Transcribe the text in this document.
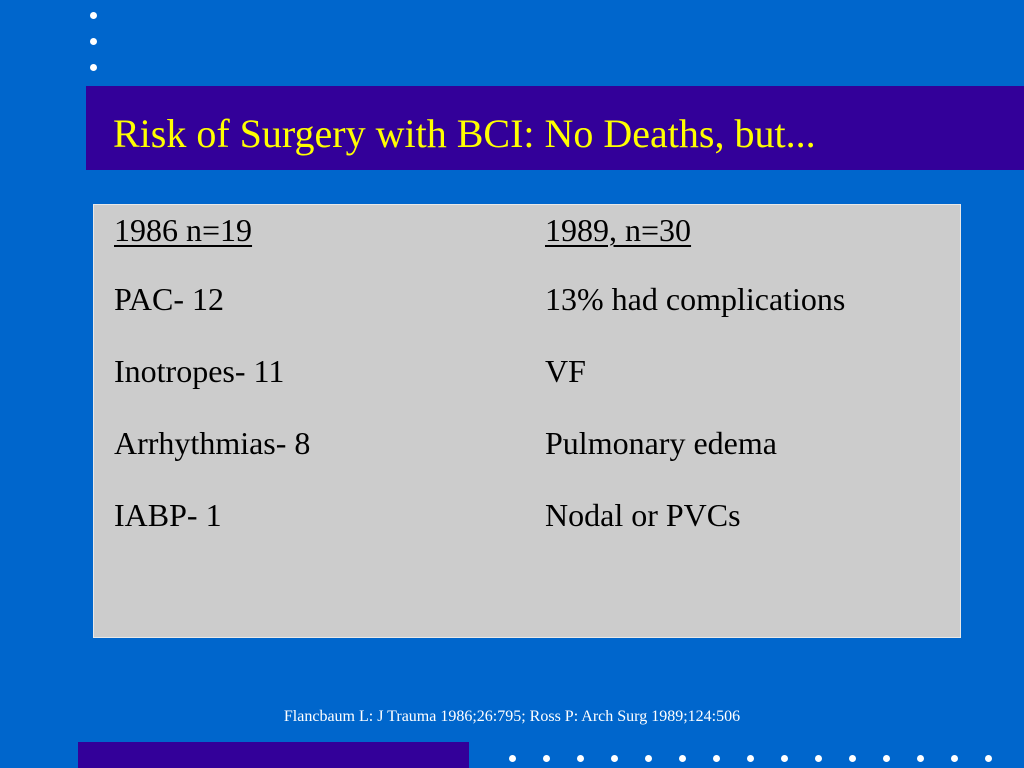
Risk of Surgery with BCI: No Deaths, but...
1986 n=19	1989, n=30
PAC- 12	13% had complications
Inotropes- 11	VF
Arrhythmias- 8	Pulmonary edema
IABP- 1	Nodal or PVCs
Flancbaum L: J Trauma 1986;26:795; Ross P: Arch Surg 1989;124:506
